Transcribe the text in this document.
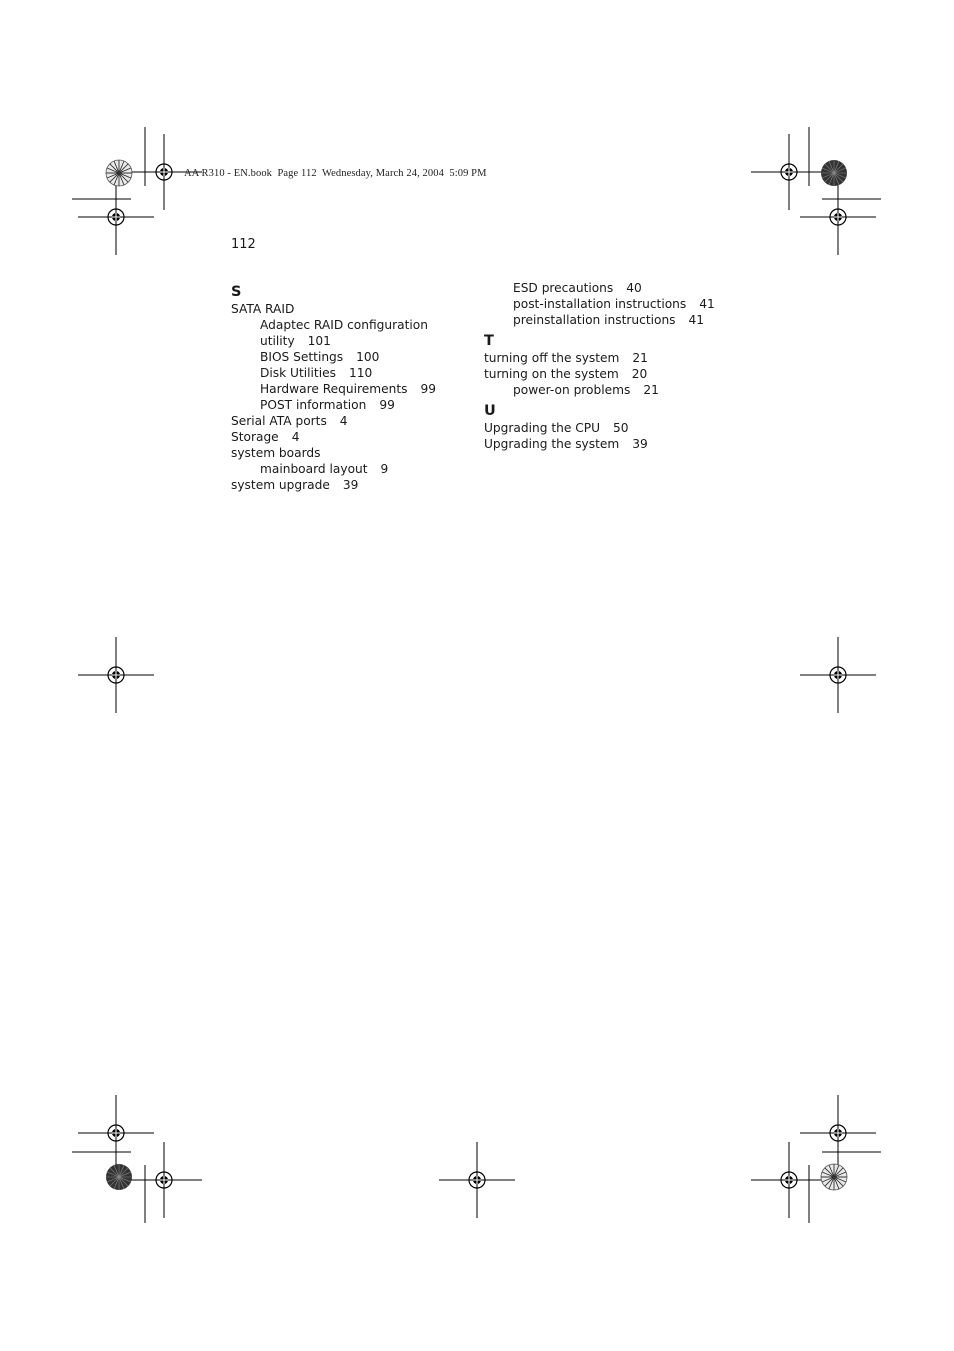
AA R310 - EN.book  Page 112  Wednesday, March 24, 2004  5:09 PM
112
S
SATA RAID
Adaptec RAID configuration
utility 101
BIOS Settings 100
Disk Utilities 110
Hardware Requirements 99
POST information 99
Serial ATA ports 4
Storage 4
system boards
mainboard layout 9
system upgrade 39
ESD precautions 40
post-installation instructions 41
preinstallation instructions 41
T
turning off the system 21
turning on the system 20
power-on problems 21
U
Upgrading the CPU 50
Upgrading the system 39
